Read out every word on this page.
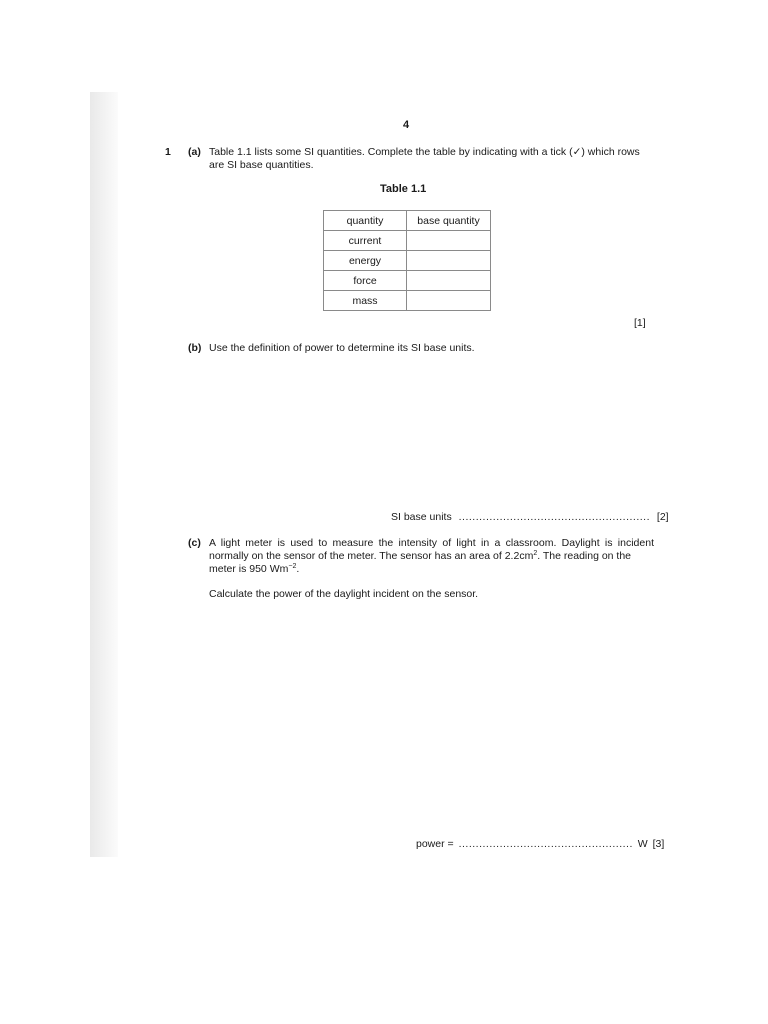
4
1 (a) Table 1.1 lists some SI quantities. Complete the table by indicating with a tick (✓) which rows
are SI base quantities.
Table 1.1
quantity	base quantity
current	
energy	
force	
mass	
[1]
(b) Use the definition of power to determine its SI base units.
SI base units ........................................................ [2]
(c) A light meter is used to measure the intensity of light in a classroom. Daylight is incident
normally on the sensor of the meter. The sensor has an area of $2.2cm^2$. The reading on the
meter is 950 $Wm^{-2}$.
Calculate the power of the daylight incident on the sensor.
power = ................................................... W [3]
